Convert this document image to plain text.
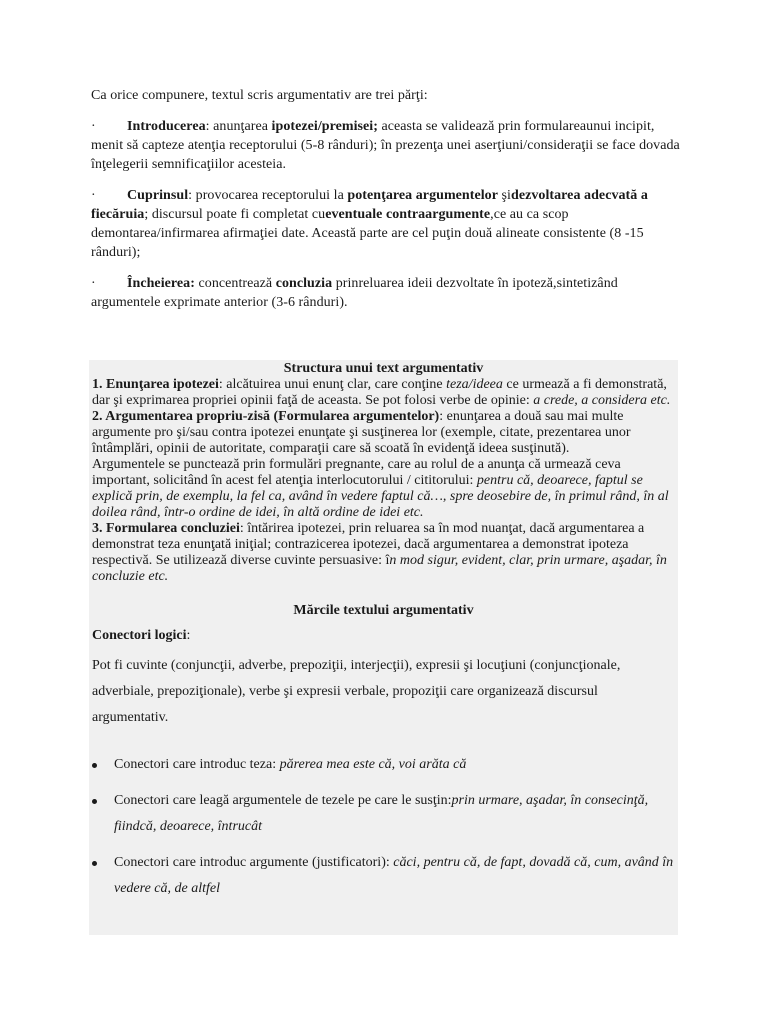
Ca orice compunere, textul scris argumentativ are trei părţi:

· Introducerea: anunţarea ipotezei/premisei; aceasta se validează prin formulareaunui incipit, menit să capteze atenţia receptorului (5-8 rânduri); în prezenţa unei aserţiuni/consideraţii se face dovada înţelegerii semnificaţiilor acesteia.

· Cuprinsul: provocarea receptorului la potenţarea argumentelor şidezvoltarea adecvată a fiecăruia; discursul poate fi completat cueventuale contraargumente,ce au ca scop demontarea/infirmarea afirmaţiei date. Această parte are cel puţin două alineate consistente (8 -15 rânduri);

· Încheierea: concentrează concluzia prinreluarea ideii dezvoltate în ipoteză,sintetizând argumentele exprimate anterior (3-6 rânduri).

Structura unui text argumentativ

1. Enunţarea ipotezei: alcătuirea unui enunţ clar, care conţine teza/ideea ce urmează a fi demonstrată, dar şi exprimarea propriei opinii faţă de aceasta. Se pot folosi verbe de opinie: a crede, a considera etc.

2. Argumentarea propriu-zisă (Formularea argumentelor): enunţarea a două sau mai multe argumente pro şi/sau contra ipotezei enunţate şi susţinerea lor (exemple, citate, prezentarea unor întâmplări, opinii de autoritate, comparaţii care să scoată în evidenţă ideea susţinută).

Argumentele se punctează prin formulări pregnante, care au rolul de a anunţa că urmează ceva important, solicitând în acest fel atenţia interlocutorului / cititorului: pentru că, deoarece, faptul se explică prin, de exemplu, la fel ca, având în vedere faptul că…, spre deosebire de, în primul rând, în al doilea rând, într-o ordine de idei, în altă ordine de idei etc.

3. Formularea concluziei: întărirea ipotezei, prin reluarea sa în mod nuanţat, dacă argumentarea a demonstrat teza enunţată iniţial; contrazicerea ipotezei, dacă argumentarea a demonstrat ipoteza respectivă. Se utilizează diverse cuvinte persuasive: în mod sigur, evident, clar, prin urmare, aşadar, în concluzie etc.

Mărcile textului argumentativ

Conectori logici:

Pot fi cuvinte (conjuncţii, adverbe, prepoziţii, interjecţii), expresii şi locuţiuni (conjuncţionale, adverbiale, prepoziţionale), verbe şi expresii verbale, propoziţii care organizează discursul argumentativ.

Conectori care introduc teza: părerea mea este că, voi arăta că
Conectori care leagă argumentele de tezele pe care le susţin:prin urmare, aşadar, în consecinţă, fiindcă, deoarece, întrucât
Conectori care introduc argumente (justificatori): căci, pentru că, de fapt, dovadă că, cum, având în vedere că, de altfel
